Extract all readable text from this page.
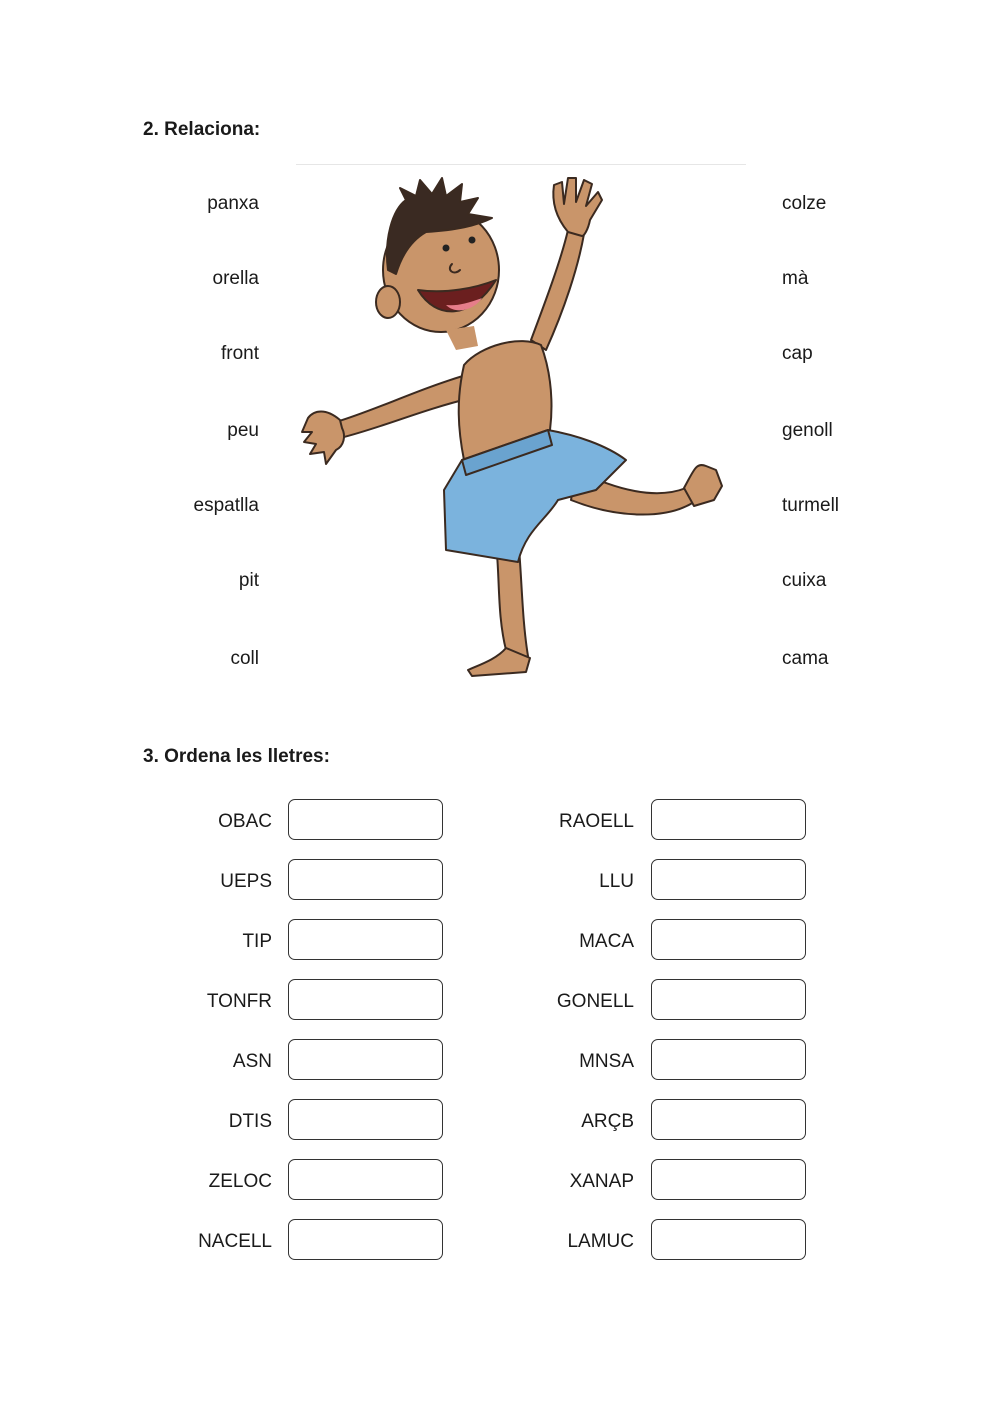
2. Relaciona:
panxa
orella
front
peu
espatlla
pit
coll
colze
mà
cap
genoll
turmell
cuixa
cama
3. Ordena les lletres:
OBAC
UEPS
TIP
TONFR
ASN
DTIS
ZELOC
NACELL
RAOELL
LLU
MACA
GONELL
MNSA
ARÇB
XANAP
LAMUC
